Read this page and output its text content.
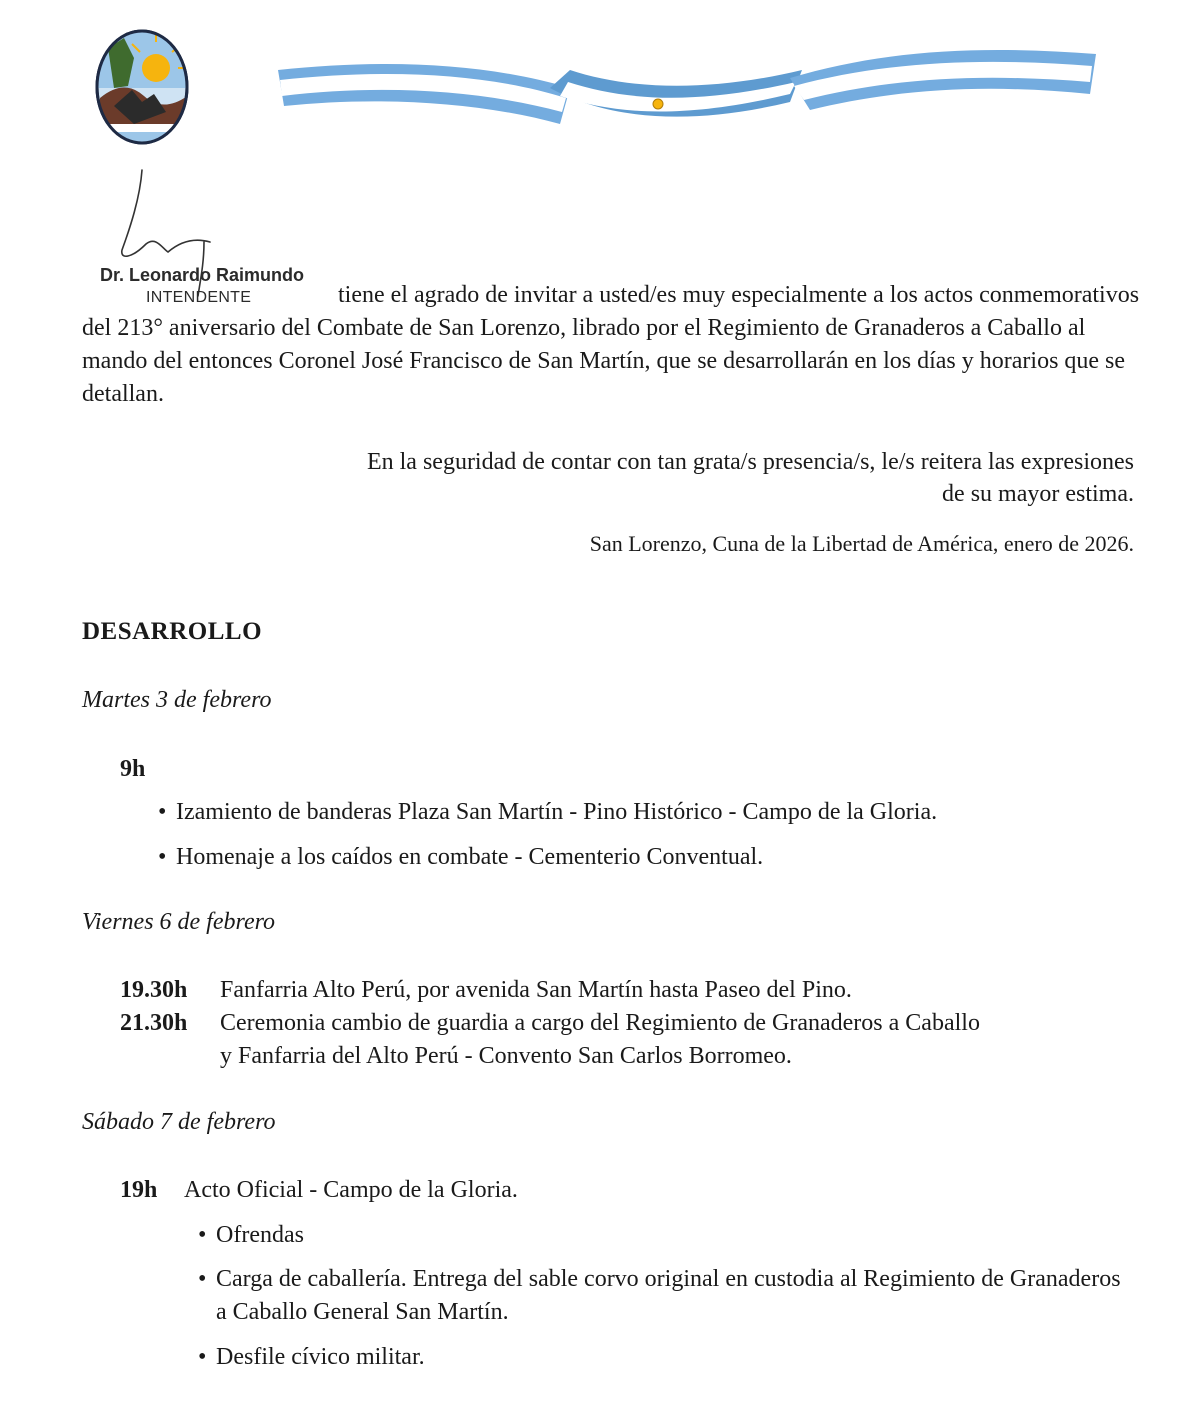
Dr. Leonardo Raimundo
INTENDENTE	tiene el agrado de invitar a usted/es muy especialmente a los actos conmemorativos del 213° aniversario del Combate de San Lorenzo, librado por el Regimiento de Granaderos a Caballo al mando del entonces Coronel José Francisco de San Martín, que se desarrollarán en los días y horarios que se detallan.

En la seguridad de contar con tan grata/s presencia/s, le/s reitera las expresiones
de su mayor estima.

San Lorenzo, Cuna de la Libertad de América, enero de 2026.

DESARROLLO

Martes 3 de febrero

9h

• Izamiento de banderas Plaza San Martín - Pino Histórico - Campo de la Gloria.

• Homenaje a los caídos en combate - Cementerio Conventual.

Viernes 6 de febrero

19.30h Fanfarria Alto Perú, por avenida San Martín hasta Paseo del Pino.

21.30h Ceremonia cambio de guardia a cargo del Regimiento de Granaderos a Caballo

y Fanfarria del Alto Perú - Convento San Carlos Borromeo.

Sábado 7 de febrero

19h Acto Oficial - Campo de la Gloria.

• Ofrendas

• Carga de caballería. Entrega del sable corvo original en custodia al Regimiento de Granaderos a Caballo General San Martín.

• Desfile cívico militar.
